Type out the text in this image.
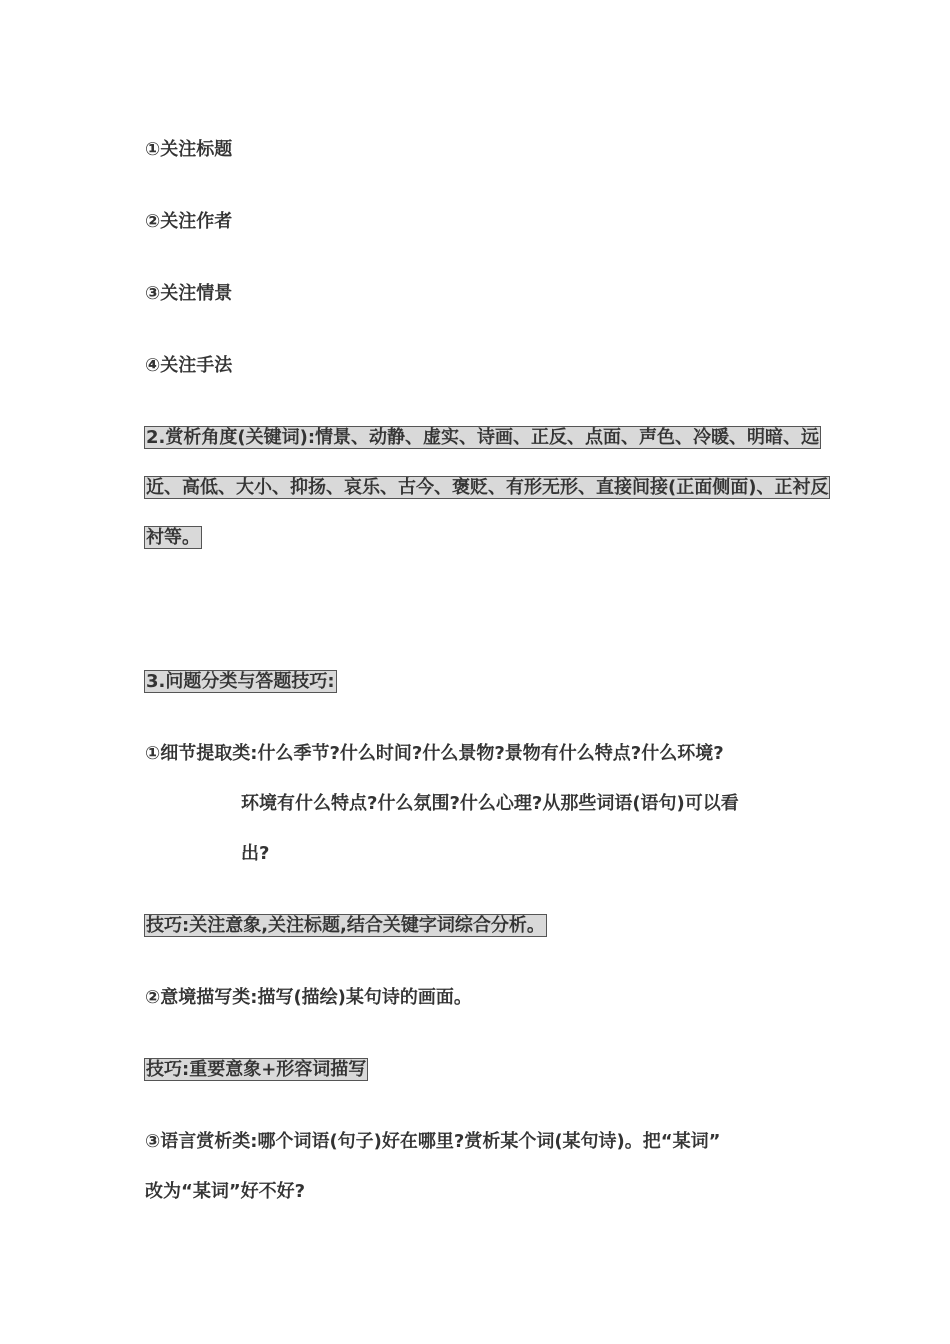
①关注标题
②关注作者
③关注情景
④关注手法
2.赏析角度(关键词):情景、动静、虚实、诗画、正反、点面、声色、冷暖、明暗、远
近、高低、大小、抑扬、哀乐、古今、褒贬、有形无形、直接间接(正面侧面)、正衬反
衬等。
3.问题分类与答题技巧:
①细节提取类:什么季节?什么时间?什么景物?景物有什么特点?什么环境?
环境有什么特点?什么氛围?什么心理?从那些词语(语句)可以看
出?
技巧:关注意象,关注标题,结合关键字词综合分析。
②意境描写类:描写(描绘)某句诗的画面。
技巧:重要意象+形容词描写
③语言赏析类:哪个词语(句子)好在哪里?赏析某个词(某句诗)。把“某词”
改为“某词”好不好?
